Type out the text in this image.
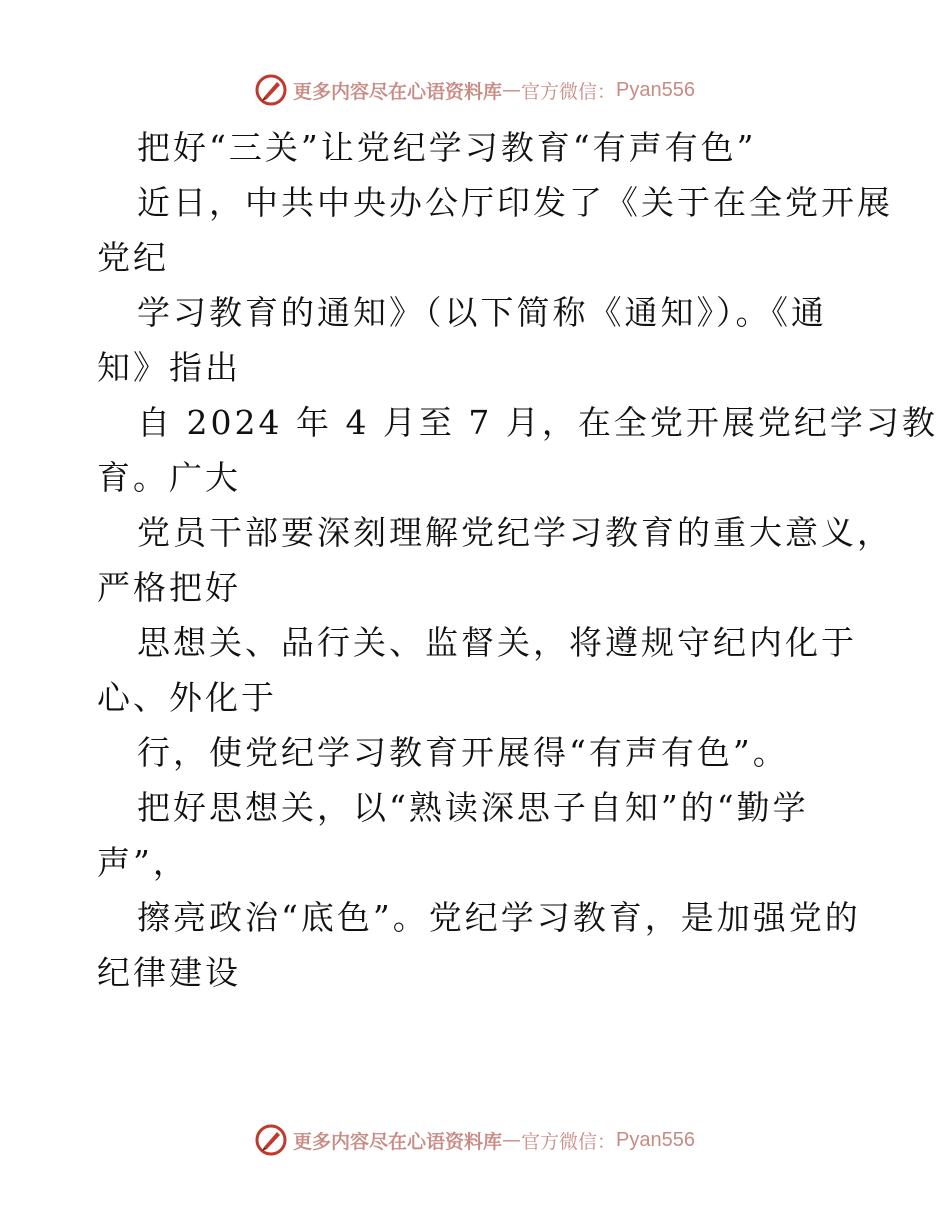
更多内容尽在心语资料库 — 官方微信： Pyan556
把好“三关”让党纪学习教育“有声有色”
近日，中共中央办公厅印发了《关于在全党开展
党纪
学习教育的通知》（以下简称《通知》）。《通
知》指出
自 2024 年 4 月至 7 月，在全党开展党纪学习教
育。广大
党员干部要深刻理解党纪学习教育的重大意义，
严格把好
思想关、品行关、监督关，将遵规守纪内化于
心、外化于
行，使党纪学习教育开展得“有声有色”。
把好思想关，以“熟读深思子自知”的“勤学
声”，
擦亮政治“底色”。党纪学习教育，是加强党的
纪律建设
更多内容尽在心语资料库 — 官方微信： Pyan556
